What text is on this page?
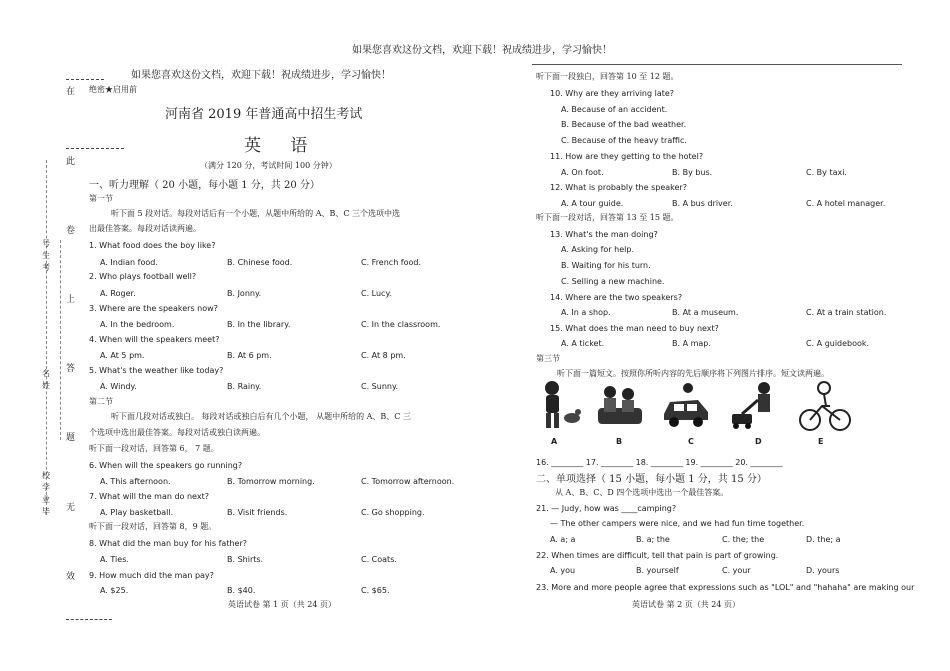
如果您喜欢这份文档，欢迎下载！祝成绩进步，学习愉快！
在
此
卷
上
答
题
无
效
号生考
名姓
校学业毕
如果您喜欢这份文档，欢迎下载！祝成绩进步，学习愉快！
绝密★启用前
河南省 2019 年普通高中招生考试
英 语
（满分 120 分，考试时间 100 分钟）
一、听力理解（ 20 小题，每小题 1 分，共 20 分）
第一节
听下面 5 段对话。每段对话后有一个小题，从题中所给的 A、B、C 三个选项中选
出最佳答案。每段对话读两遍。
1. What food does the boy like?
A. Indian food.	B. Chinese food.	C. French food.
2. Who plays football well?
A. Roger.	B. Jonny.	C. Lucy.
3. Where are the speakers now?
A. In the bedroom.	B. In the library.	C. In the classroom.
4. When will the speakers meet?
A. At 5 pm.	B. At 6 pm.	C. At 8 pm.
5. What's the weather like today?
A. Windy.	B. Rainy.	C. Sunny.
第二节
听下面几段对话或独白。 每段对话或独白后有几个小题， 从题中所给的 A、B、C 三
个选项中选出最佳答案。每段对话或独白读两遍。
听下面一段对话，回答第 6， 7 题。
6. When will the speakers go running?
A. This afternoon.	B. Tomorrow morning.	C. Tomorrow afternoon.
7. What will the man do next?
A. Play basketball.	B. Visit friends.	C. Go shopping.
听下面一段对话，回答第 8，9 题。
8. What did the man buy for his father?
A. Ties.	B. Shirts.	C. Coats.
9. How much did the man pay?
A. $25.	B. $40.	C. $65.
英语试卷 第 1 页（共 24 页）
听下面一段独白，回答第 10 至 12 题。
10. Why are they arriving late?
A. Because of an accident.
B. Because of the bad weather.
C. Because of the heavy traffic.
11. How are they getting to the hotel?
A. On foot.	B. By bus.	C. By taxi.
12. What is probably the speaker?
A. A tour guide.	B. A bus driver.	C. A hotel manager.
听下面一段对话，回答第 13 至 15 题。
13. What's the man doing?
A. Asking for help.
B. Waiting for his turn.
C. Selling a new machine.
14. Where are the two speakers?
A. In a shop.	B. At a museum.	C. At a train station.
15. What does the man need to buy next?
A. A ticket.	B. A map.	C. A guidebook.
第三节
听下面一篇短文。按照你所听内容的先后顺序将下列图片排序。短文读两遍。
A	B	C	D	E
16. ________ 17. ________ 18. ________ 19. ________ 20. ________
二、单项选择（ 15 小题，每小题 1 分，共 15 分）
从 A、B、C、D 四个选项中选出一个最佳答案。
21. — Judy, how was ____camping?
— The other campers were nice, and we had fun time together.
A. a; a	B. a; the	C. the; the	D. the; a
22. When times are difficult, tell that pain is part of growing.
A. you	B. yourself	C. your	D. yours
23. More and more people agree that expressions such as "LOL" and "hahaha" are making our
英语试卷 第 2 页（共 24 页）
